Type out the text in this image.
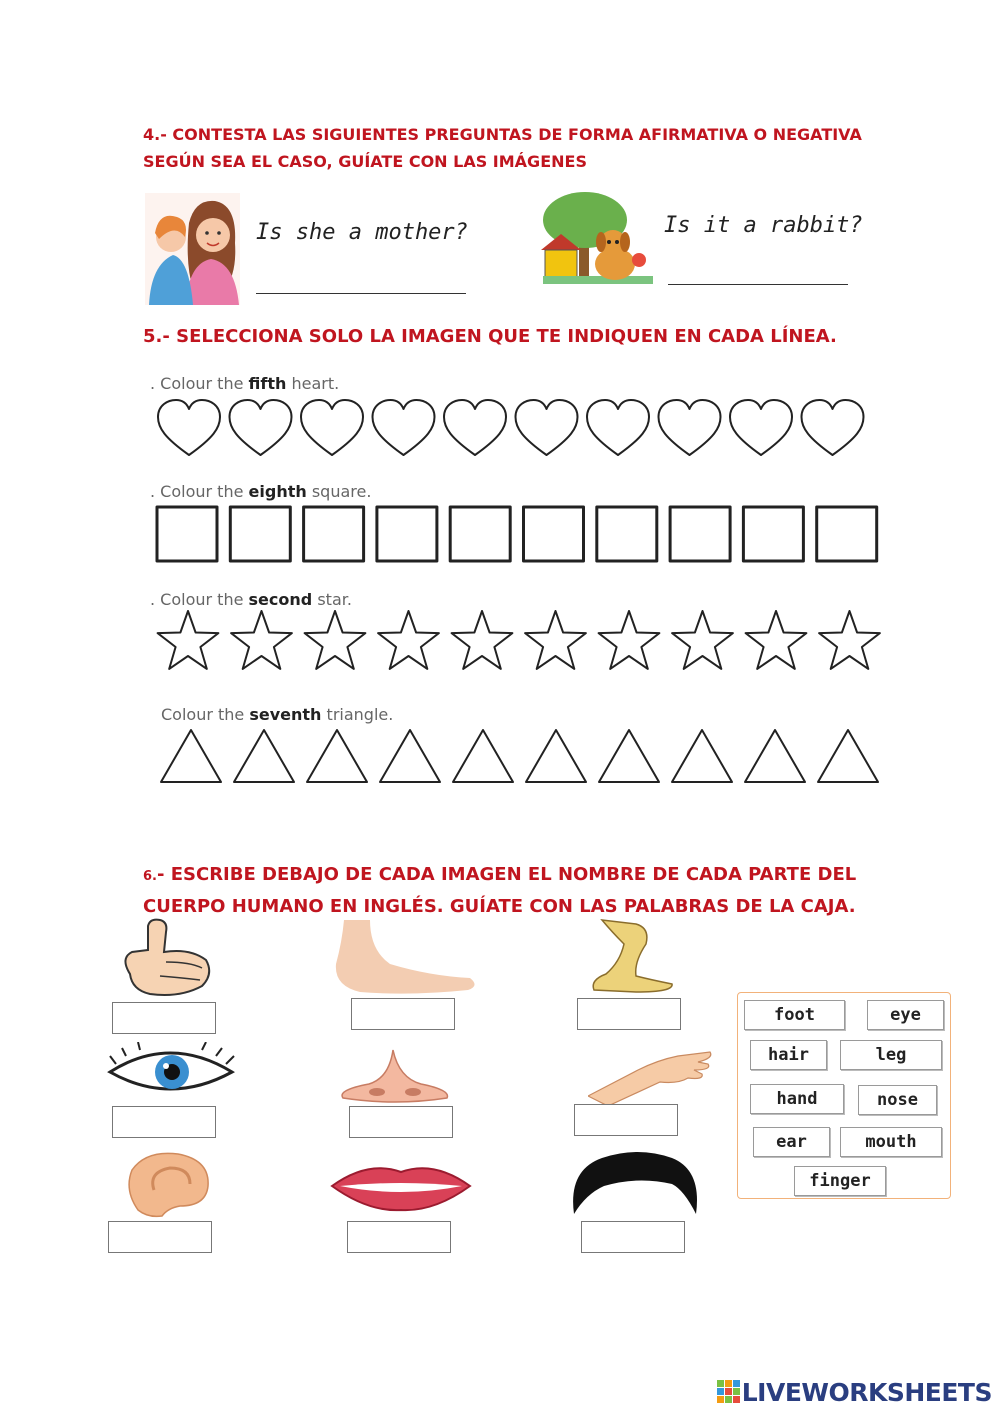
4.- CONTESTA LAS SIGUIENTES PREGUNTAS DE FORMA AFIRMATIVA O NEGATIVA
SEGÚN SEA EL CASO, GUÍATE CON LAS IMÁGENES
Is she a mother?	Is it a rabbit?
5.- SELECCIONA SOLO LA IMAGEN QUE TE INDIQUEN EN CADA LÍNEA.
. Colour the fifth heart.
. Colour the eighth square.
. Colour the second star.
Colour the seventh triangle.
6.- ESCRIBE DEBAJO DE CADA IMAGEN EL NOMBRE DE CADA PARTE DEL
CUERPO HUMANO EN INGLÉS. GUÍATE CON LAS PALABRAS DE LA CAJA.
foot	eye
hair	leg
hand	nose
ear	mouth
finger
LIVEWORKSHEETS
